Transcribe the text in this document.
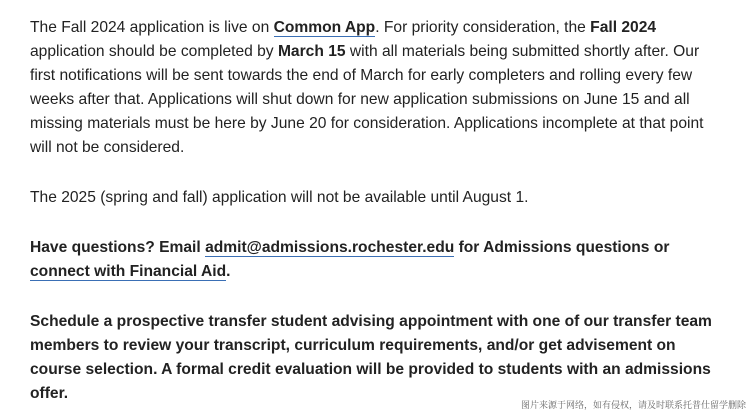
The Fall 2024 application is live on Common App. For priority consideration, the Fall 2024 application should be completed by March 15 with all materials being submitted shortly after. Our first notifications will be sent towards the end of March for early completers and rolling every few weeks after that. Applications will shut down for new application submissions on June 15 and all missing materials must be here by June 20 for consideration. Applications incomplete at that point will not be considered.

The 2025 (spring and fall) application will not be available until August 1.

Have questions? Email admit@admissions.rochester.edu for Admissions questions or connect with Financial Aid.

Schedule a prospective transfer student advising appointment with one of our transfer team members to review your transcript, curriculum requirements, and/or get advisement on course selection. A formal credit evaluation will be provided to students with an admissions offer.

图片来源于网络，如有侵权，请及时联系托普仕留学删除
